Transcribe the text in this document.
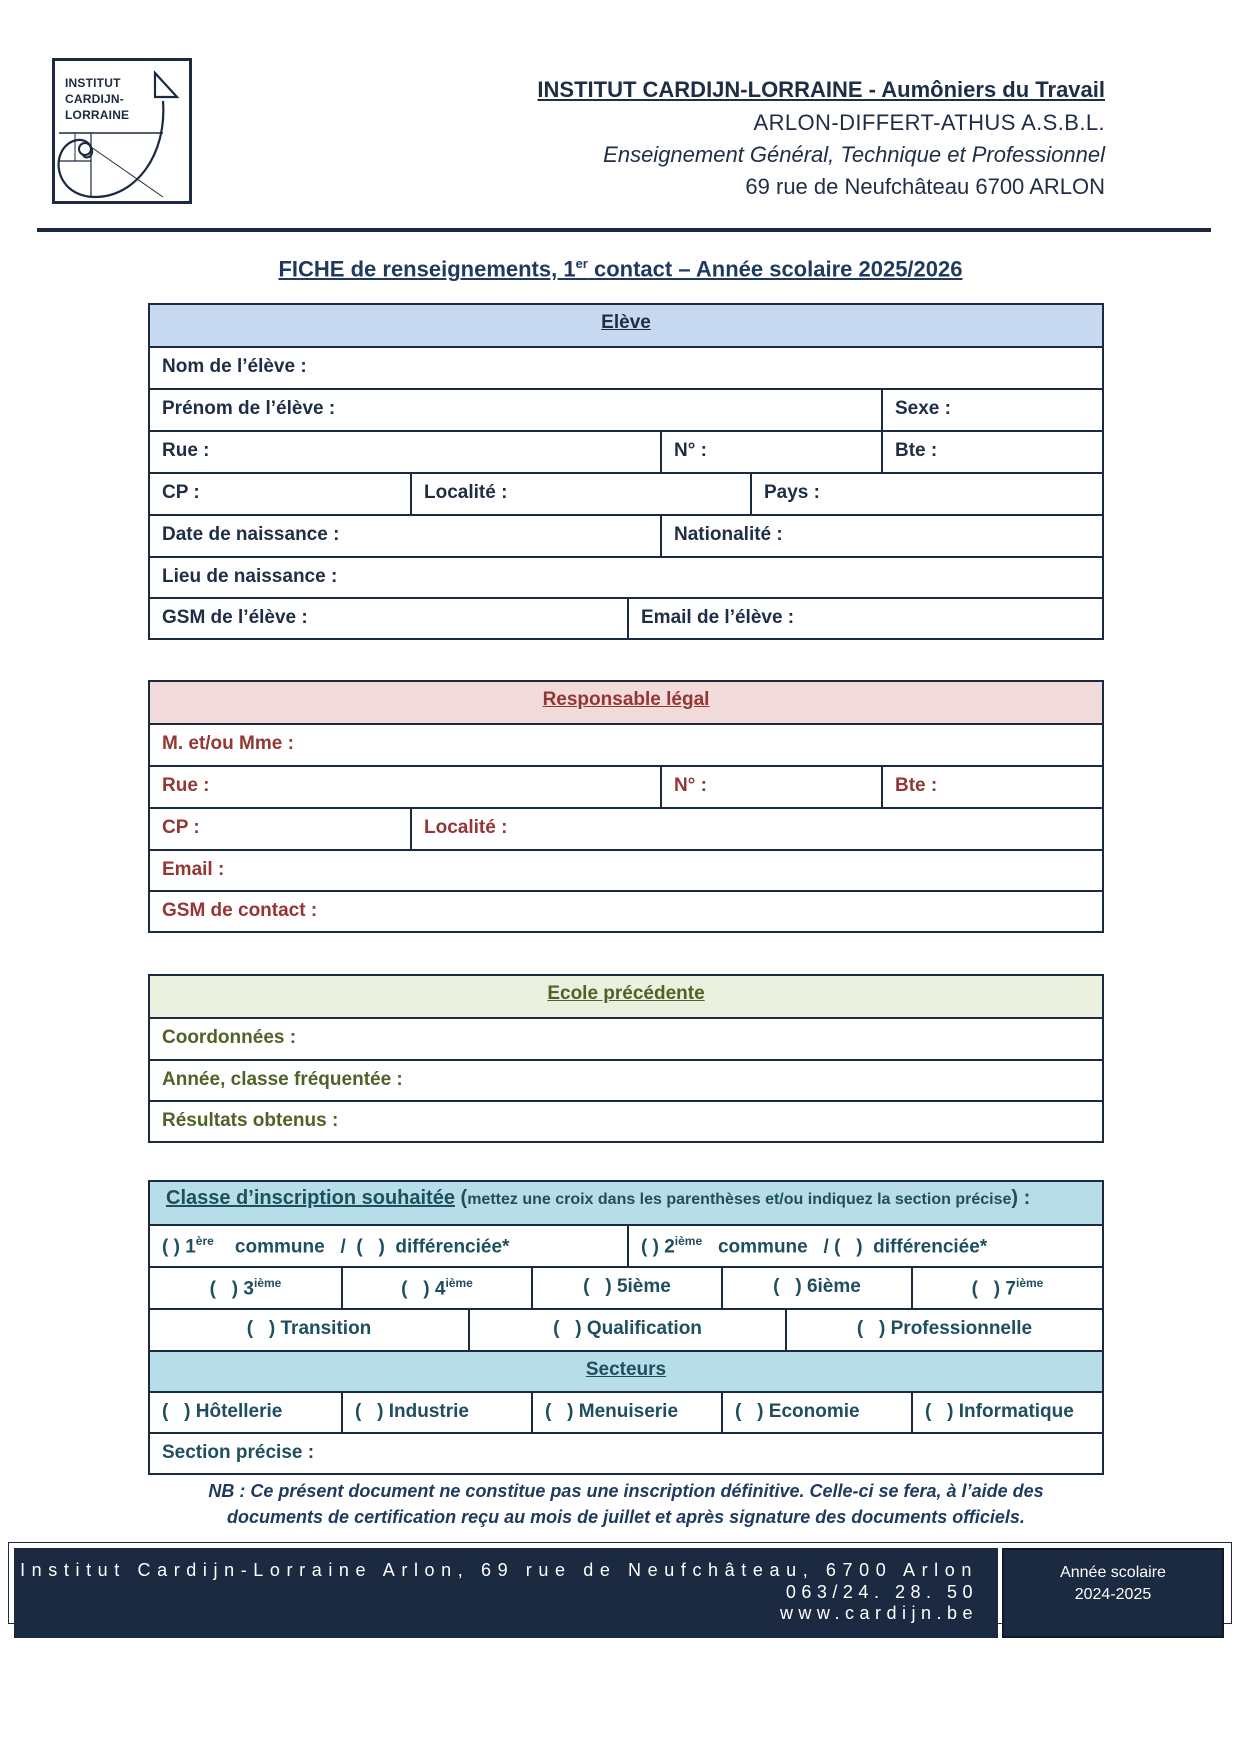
INSTITUT
CARDIJN-
LORRAINE
INSTITUT CARDIJN-LORRAINE - Aumôniers du Travail
ARLON-DIFFERT-ATHUS A.S.B.L.
Enseignement Général, Technique et Professionnel
69 rue de Neufchâteau 6700 ARLON
FICHE de renseignements, 1er contact – Année scolaire 2025/2026
Elève
Nom de l’élève :
Prénom de l’élève :	Sexe :
Rue :	N° :	Bte :
CP :	Localité :	Pays :
Date de naissance :	Nationalité :
Lieu de naissance :
GSM de l’élève :	Email de l’élève :
Responsable légal
M. et/ou Mme :
Rue :	N° :	Bte :
CP :	Localité :
Email :
GSM de contact :
Ecole précédente
Coordonnées :
Année, classe fréquentée :
Résultats obtenus :
Classe d’inscription souhaitée (mettez une croix dans les parenthèses et/ou indiquez la section précise) :
( ) 1ère    commune   /  (   )  différenciée*	( ) 2ième   commune   / (   )  différenciée*
(   ) 3ième	(   ) 4ième	(   ) 5ième	(   ) 6ième	(   ) 7ième
(   ) Transition	(   ) Qualification	(   ) Professionnelle
Secteurs
(   ) Hôtellerie	(   ) Industrie	(   ) Menuiserie	(   ) Economie	(   ) Informatique
Section précise :
NB : Ce présent document ne constitue pas une inscription définitive. Celle-ci se fera, à l’aide des
documents de certification reçu au mois de juillet et après signature des documents officiels.
Institut Cardijn-Lorraine Arlon, 69 rue de Neufchâteau, 6700 Arlon
063/24. 28. 50
www.cardijn.be
Année scolaire
2024-2025
